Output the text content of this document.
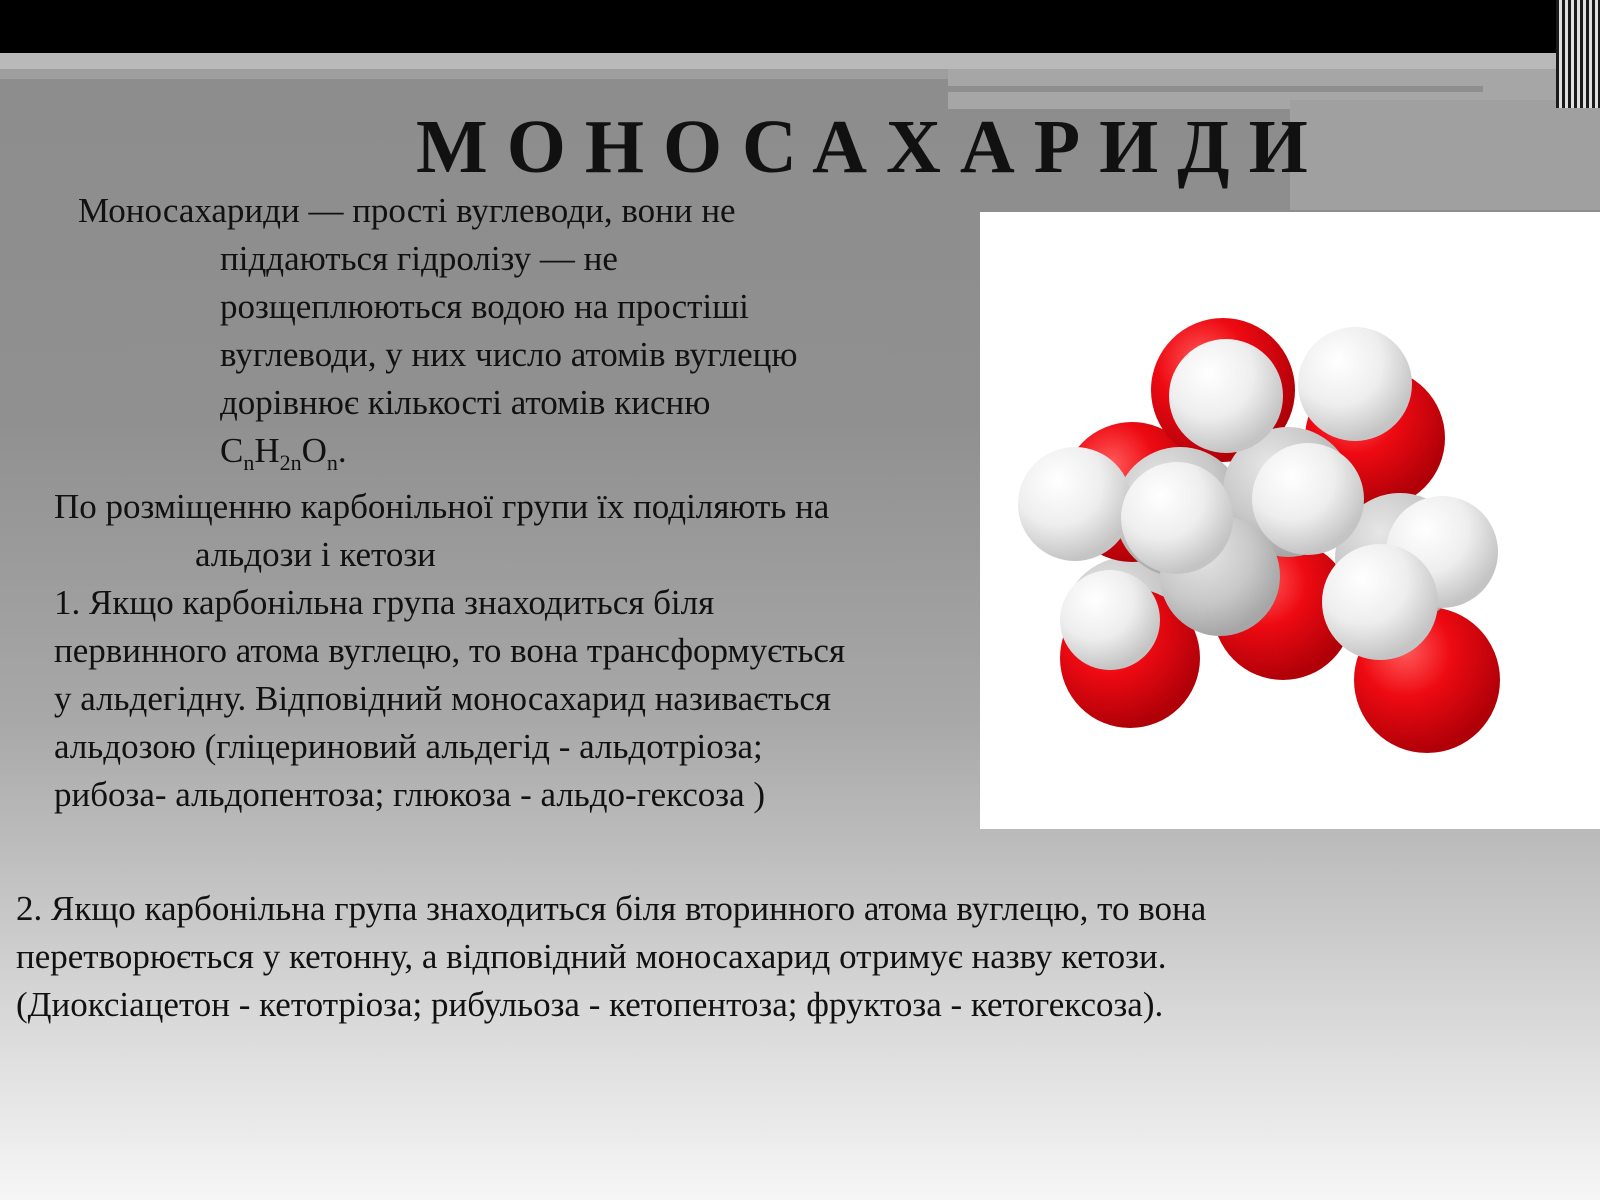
МОНОСАХАРИДИ

Моносахариди — прості вуглеводи, вони не

піддаються гідролізу — не

розщеплюються водою на простіші

вуглеводи, у них число атомів вуглецю

дорівнює кількості атомів кисню

$C_nH_{2n}O_n$.

По розміщенню карбонільної групи їх поділяють на

альдози і кетози

1. Якщо карбонільна група знаходиться біля

первинного атома вуглецю, то вона трансформується

у альдегідну. Відповідний моносахарид називається

альдозою (гліцериновий альдегід - альдотріоза;

рибоза- альдопентоза; глюкоза - альдо-гексоза )

2. Якщо карбонільна група знаходиться біля вторинного атома вуглецю, то вона

перетворюється у кетонну, а відповідний моносахарид отримує назву кетози.

(Диоксіацетон - кетотріоза; рибульоза - кетопентоза; фруктоза - кетогексоза).
